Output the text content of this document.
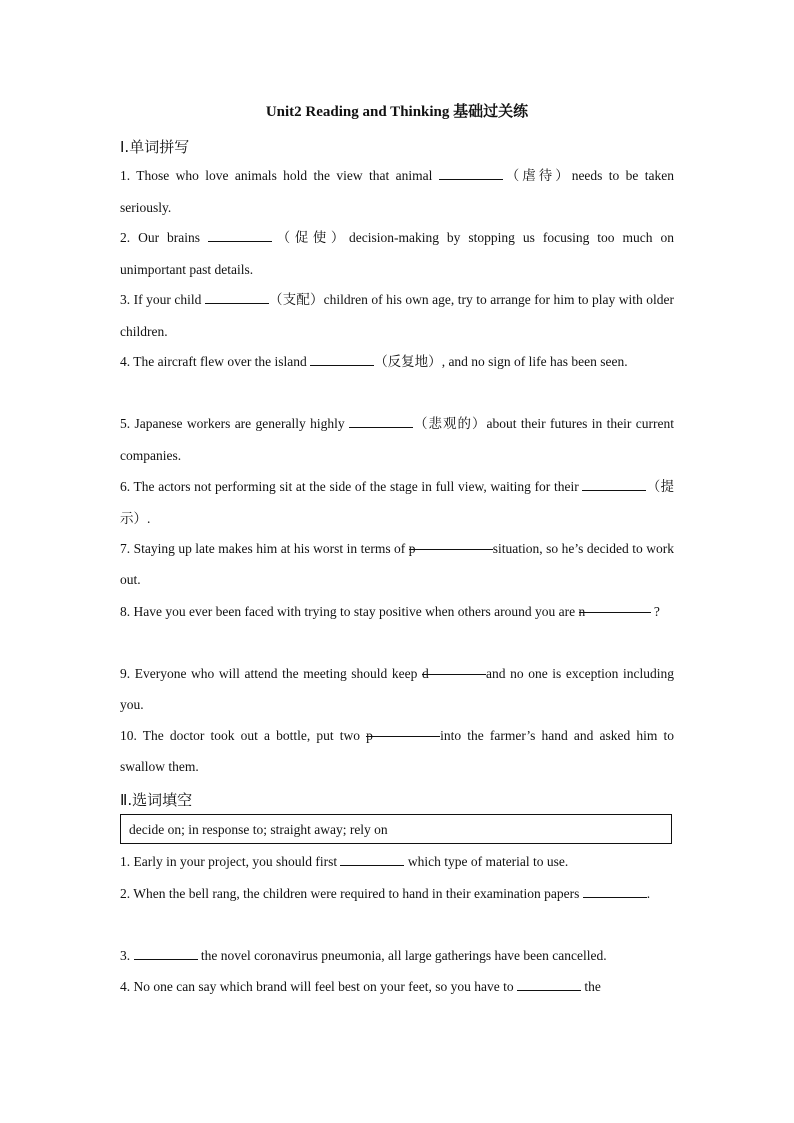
Unit2 Reading and Thinking 基础过关练
I.单词拼写
1. Those who love animals hold the view that animal	（虐待）needs to be taken seriously.
2. Our brains	（促使）decision-making by stopping us focusing too much on unimportant past details.
3. If your child	（支配）children of his own age, try to arrange for him to play with older children.
4. The aircraft flew over the island	（反复地）, and no sign of life has been seen.
5. Japanese workers are generally highly	（悲观的）about their futures in their current companies.
6. The actors not performing sit at the side of the stage in full view, waiting for their	（提示）.
7. Staying up late makes him at his worst in terms of p	situation, so he’s decided to work out.
8. Have you ever been faced with trying to stay positive when others around you are n	?
9. Everyone who will attend the meeting should keep d	and no one is exception including you.
10. The doctor took out a bottle, put two p	into the farmer’s hand and asked him to swallow them.
Ⅱ.选词填空
decide on; in response to; straight away; rely on
1. Early in your project, you should first	which type of material to use.
2. When the bell rang, the children were required to hand in their examination papers	.
3.	the novel coronavirus pneumonia, all large gatherings have been cancelled.
4. No one can say which brand will feel best on your feet, so you have to	the
